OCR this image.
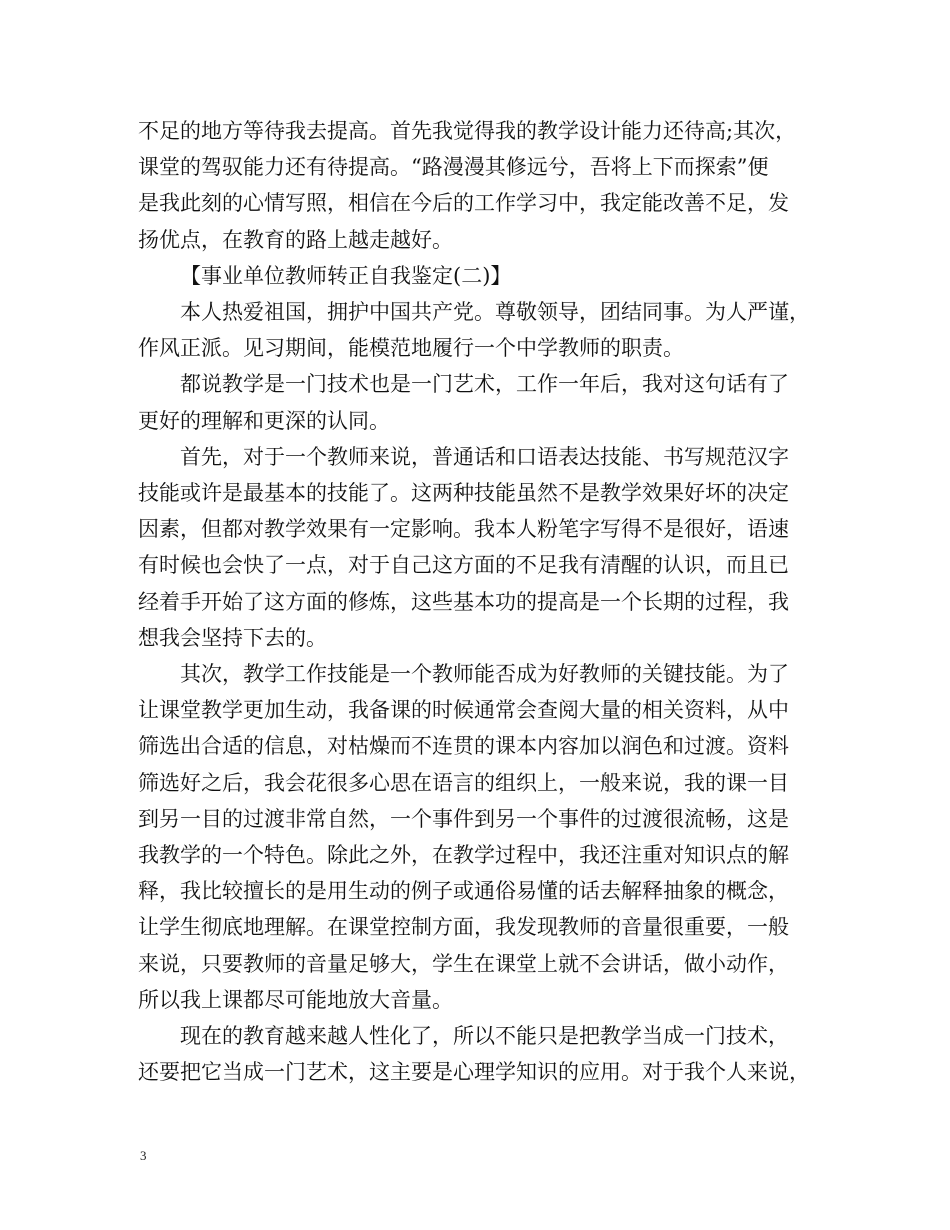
不足的地方等待我去提高。首先我觉得我的教学设计能力还待高;其次，
课堂的驾驭能力还有待提高。“路漫漫其修远兮，吾将上下而探索”便
是我此刻的心情写照，相信在今后的工作学习中，我定能改善不足，发
扬优点，在教育的路上越走越好。

【事业单位教师转正自我鉴定(二)】

本人热爱祖国，拥护中国共产党。尊敬领导，团结同事。为人严谨，
作风正派。见习期间，能模范地履行一个中学教师的职责。

都说教学是一门技术也是一门艺术，工作一年后，我对这句话有了
更好的理解和更深的认同。

首先，对于一个教师来说，普通话和口语表达技能、书写规范汉字
技能或许是最基本的技能了。这两种技能虽然不是教学效果好坏的决定
因素，但都对教学效果有一定影响。我本人粉笔字写得不是很好，语速
有时候也会快了一点，对于自己这方面的不足我有清醒的认识，而且已
经着手开始了这方面的修炼，这些基本功的提高是一个长期的过程，我
想我会坚持下去的。

其次，教学工作技能是一个教师能否成为好教师的关键技能。为了
让课堂教学更加生动，我备课的时候通常会查阅大量的相关资料，从中
筛选出合适的信息，对枯燥而不连贯的课本内容加以润色和过渡。资料
筛选好之后，我会花很多心思在语言的组织上，一般来说，我的课一目
到另一目的过渡非常自然，一个事件到另一个事件的过渡很流畅，这是
我教学的一个特色。除此之外，在教学过程中，我还注重对知识点的解
释，我比较擅长的是用生动的例子或通俗易懂的话去解释抽象的概念，
让学生彻底地理解。在课堂控制方面，我发现教师的音量很重要，一般
来说，只要教师的音量足够大，学生在课堂上就不会讲话，做小动作，
所以我上课都尽可能地放大音量。

现在的教育越来越人性化了，所以不能只是把教学当成一门技术，
还要把它当成一门艺术，这主要是心理学知识的应用。对于我个人来说，

3
